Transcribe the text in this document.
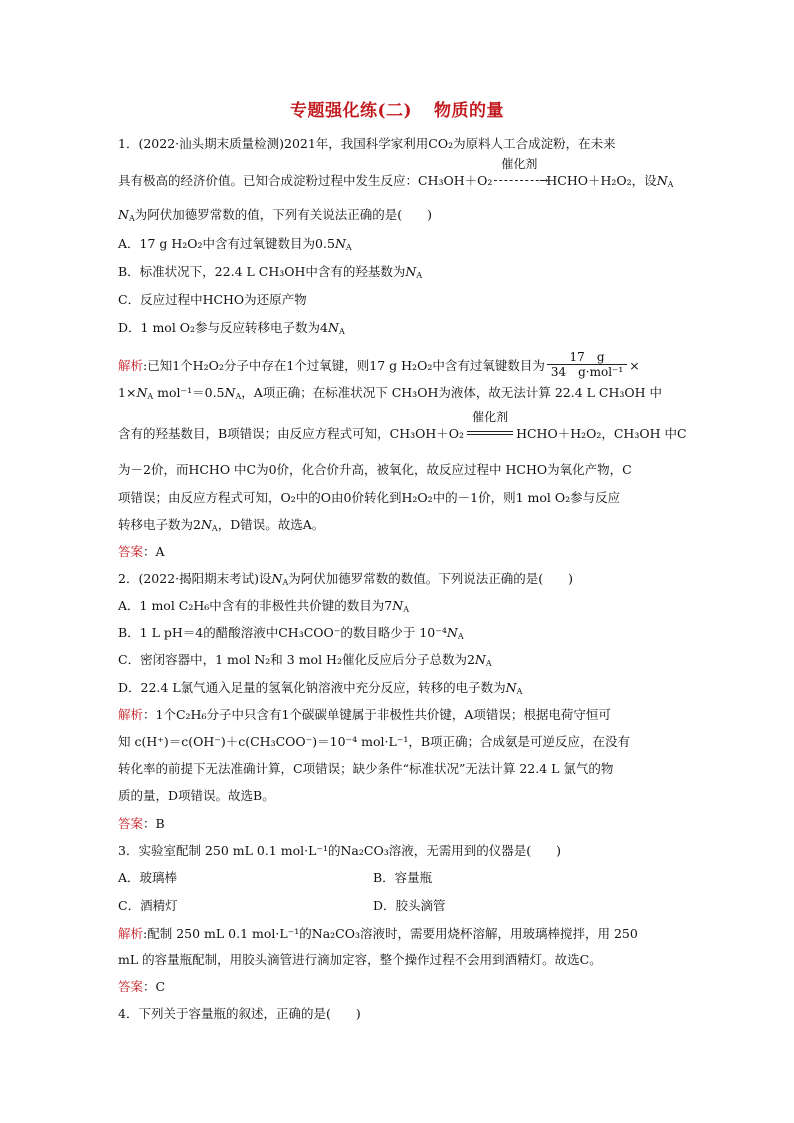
专题强化练(二) 物质的量
1．(2022·汕头期末质量检测)2021年，我国科学家利用CO₂为原料人工合成淀粉，在未来
具有极高的经济价值。已知合成淀粉过程中发生反应：CH₃OH＋O₂
催化剂
→
HCHO＋H₂O₂，设$N_A$
$N_A$为阿伏加德罗常数的值，下列有关说法正确的是(　　)
A．17 g H₂O₂中含有过氧键数目为$0.5N_A$
B．标准状况下，22.4 L CH₃OH中含有的羟基数为$N_A$
C．反应过程中HCHO为还原产物
D．1 mol O₂参与反应转移电子数为$4N_A$
解析:已知1个H₂O₂分子中存在1个过氧键，则17 g H₂O₂中含有过氧键数目为 $\frac{17 g}{\text{34　g·mol⁻¹}}$ ×
$1\times N_A$ $mol^{-1}=0.5N_A$，A项正确；在标准状况下 CH₃OH为液体，故无法计算 22.4 L CH₃OH 中
含有的羟基数目，B项错误；由反应方程式可知，CH₃OH＋O₂
催化剂
HCHO＋H₂O₂，CH₃OH 中C
为－2价，而HCHO 中C为0价，化合价升高，被氧化，故反应过程中 HCHO为氧化产物，C
项错误；由反应方程式可知，O₂中的O由0价转化到H₂O₂中的－1价，则1 mol O₂参与反应
转移电子数为$2N_A$，D错误。故选A。
答案：A
2．(2022·揭阳期末考试)设$N_A$为阿伏加德罗常数的数值。下列说法正确的是(　　)
A．1 mol C₂H₆中含有的非极性共价键的数目为$7N_A$
B．1 L pH＝4的醋酸溶液中CH₃COO⁻的数目略少于 $10^{-4}N_A$
C．密闭容器中，1 mol N₂和 3 mol H₂催化反应后分子总数为$2N_A$
D．22.4 L氯气通入足量的氢氧化钠溶液中充分反应，转移的电子数为$N_A$
解析：1个C₂H₆分子中只含有1个碳碳单键属于非极性共价键，A项错误；根据电荷守恒可
知 c(H⁺)＝c(OH⁻)＋c(CH₃COO⁻)＝10⁻⁴ mol·L⁻¹，B项正确；合成氨是可逆反应，在没有
转化率的前提下无法准确计算，C项错误；缺少条件“标准状况”无法计算 22.4 L 氯气的物
质的量，D项错误。故选B。
答案：B
3．实验室配制 250 mL 0.1 mol·L⁻¹的Na₂CO₃溶液，无需用到的仪器是(　　)
A．玻璃棒	B．容量瓶
C．酒精灯	D．胶头滴管
解析:配制 250 mL 0.1 mol·L⁻¹的Na₂CO₃溶液时，需要用烧杯溶解，用玻璃棒搅拌，用 250
mL 的容量瓶配制，用胶头滴管进行滴加定容，整个操作过程不会用到酒精灯。故选C。
答案：C
4．下列关于容量瓶的叙述，正确的是(　　)
